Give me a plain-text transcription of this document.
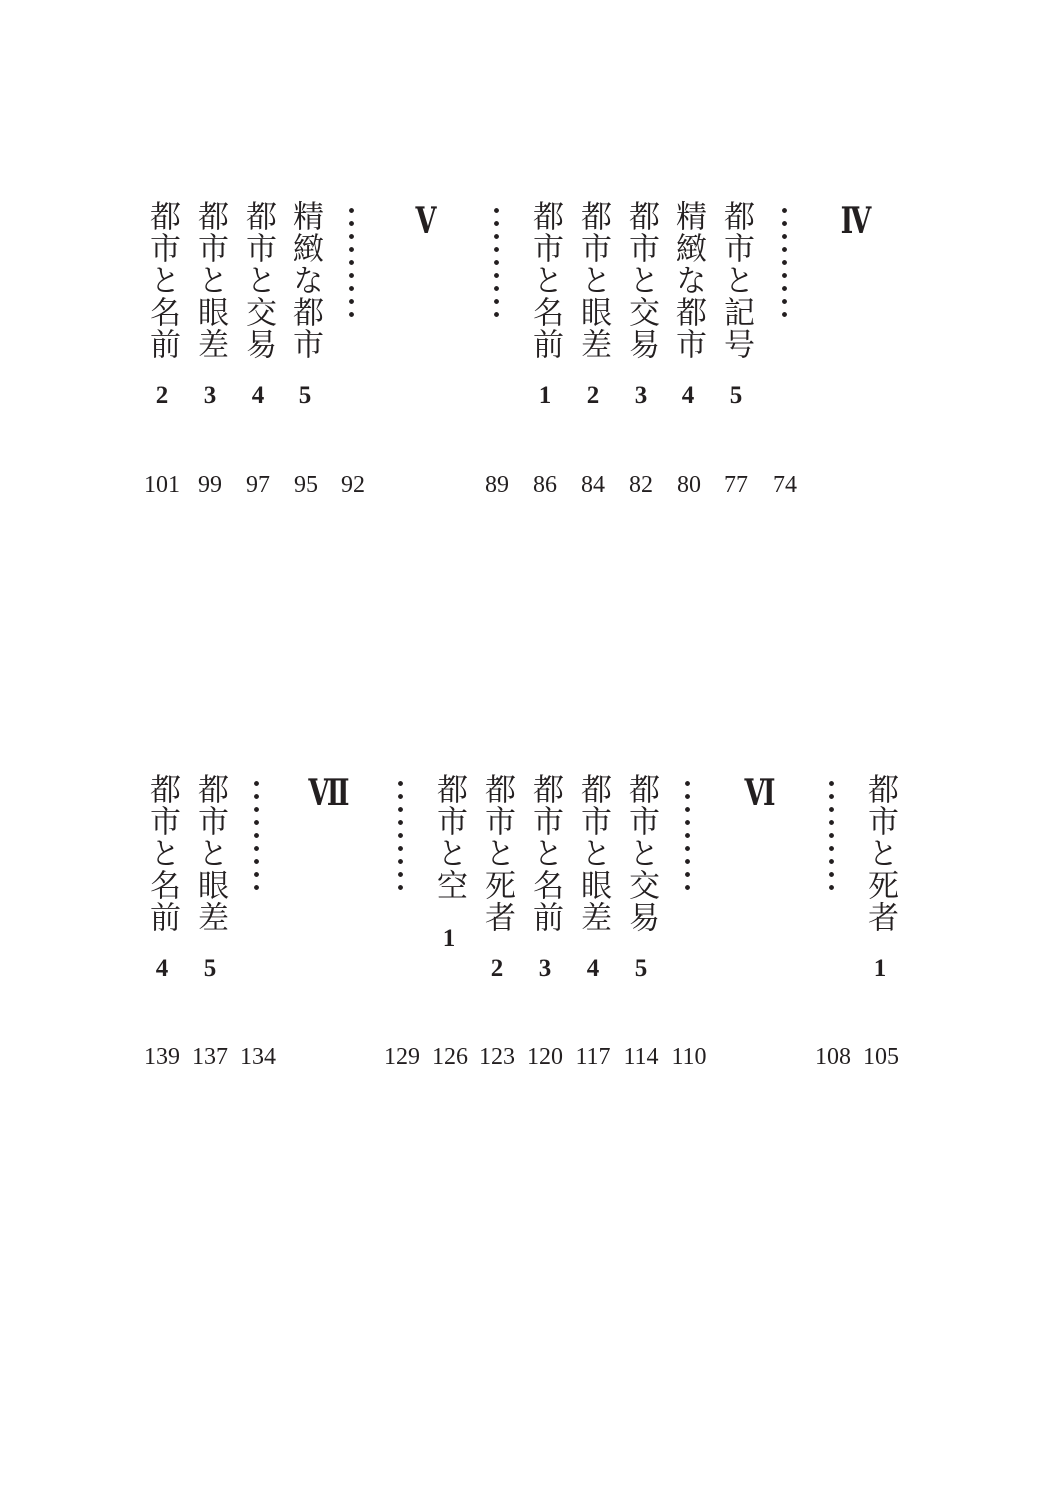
Ⅳ
74
都市と記号
5
77
精緻な都市
4
80
都市と交易
3
82
都市と眼差
2
84
都市と名前
1
86
89
Ⅴ
92
精緻な都市
5
95
都市と交易
4
97
都市と眼差
3
99
都市と名前
2
101
都市と死者
1
105
108
Ⅵ
110
都市と交易
5
114
都市と眼差
4
117
都市と名前
3
120
都市と死者
2
123
都市と空
1
126
129
Ⅶ
134
都市と眼差
5
137
都市と名前
4
139
